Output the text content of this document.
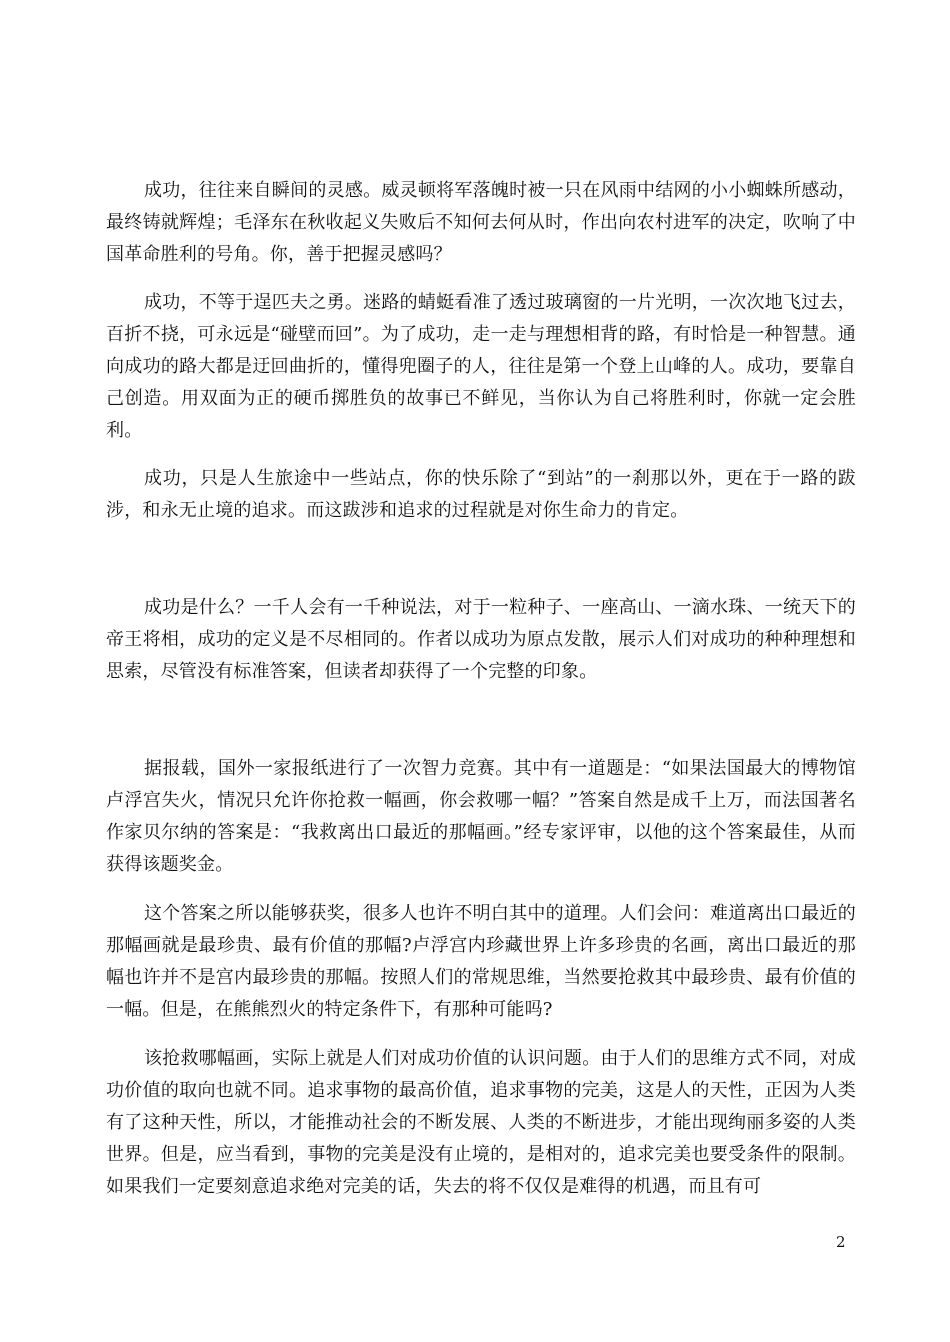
成功，往往来自瞬间的灵感。威灵顿将军落魄时被一只在风雨中结网的小小蜘蛛所感动，最终铸就辉煌；毛泽东在秋收起义失败后不知何去何从时，作出向农村进军的决定，吹响了中国革命胜利的号角。你，善于把握灵感吗？

成功，不等于逞匹夫之勇。迷路的蜻蜓看准了透过玻璃窗的一片光明，一次次地飞过去，百折不挠，可永远是“碰壁而回”。为了成功，走一走与理想相背的路，有时恰是一种智慧。通向成功的路大都是迂回曲折的，懂得兜圈子的人，往往是第一个登上山峰的人。成功，要靠自己创造。用双面为正的硬币掷胜负的故事已不鲜见，当你认为自己将胜利时，你就一定会胜利。

成功，只是人生旅途中一些站点，你的快乐除了“到站”的一刹那以外，更在于一路的跋涉，和永无止境的追求。而这跋涉和追求的过程就是对你生命力的肯定。

成功是什么？一千人会有一千种说法，对于一粒种子、一座高山、一滴水珠、一统天下的帝王将相，成功的定义是不尽相同的。作者以成功为原点发散，展示人们对成功的种种理想和思索，尽管没有标准答案，但读者却获得了一个完整的印象。

据报载，国外一家报纸进行了一次智力竞赛。其中有一道题是：“如果法国最大的博物馆卢浮宫失火，情况只允许你抢救一幅画，你会救哪一幅？”答案自然是成千上万，而法国著名作家贝尔纳的答案是：“我救离出口最近的那幅画。”经专家评审，以他的这个答案最佳，从而获得该题奖金。

这个答案之所以能够获奖，很多人也许不明白其中的道理。人们会问：难道离出口最近的那幅画就是最珍贵、最有价值的那幅?卢浮宫内珍藏世界上许多珍贵的名画，离出口最近的那幅也许并不是宫内最珍贵的那幅。按照人们的常规思维，当然要抢救其中最珍贵、最有价值的一幅。但是，在熊熊烈火的特定条件下，有那种可能吗?

该抢救哪幅画，实际上就是人们对成功价值的认识问题。由于人们的思维方式不同，对成功价值的取向也就不同。追求事物的最高价值，追求事物的完美，这是人的天性，正因为人类有了这种天性，所以，才能推动社会的不断发展、人类的不断进步，才能出现绚丽多姿的人类世界。但是，应当看到，事物的完美是没有止境的，是相对的，追求完美也要受条件的限制。如果我们一定要刻意追求绝对完美的话，失去的将不仅仅是难得的机遇，而且有可

2
